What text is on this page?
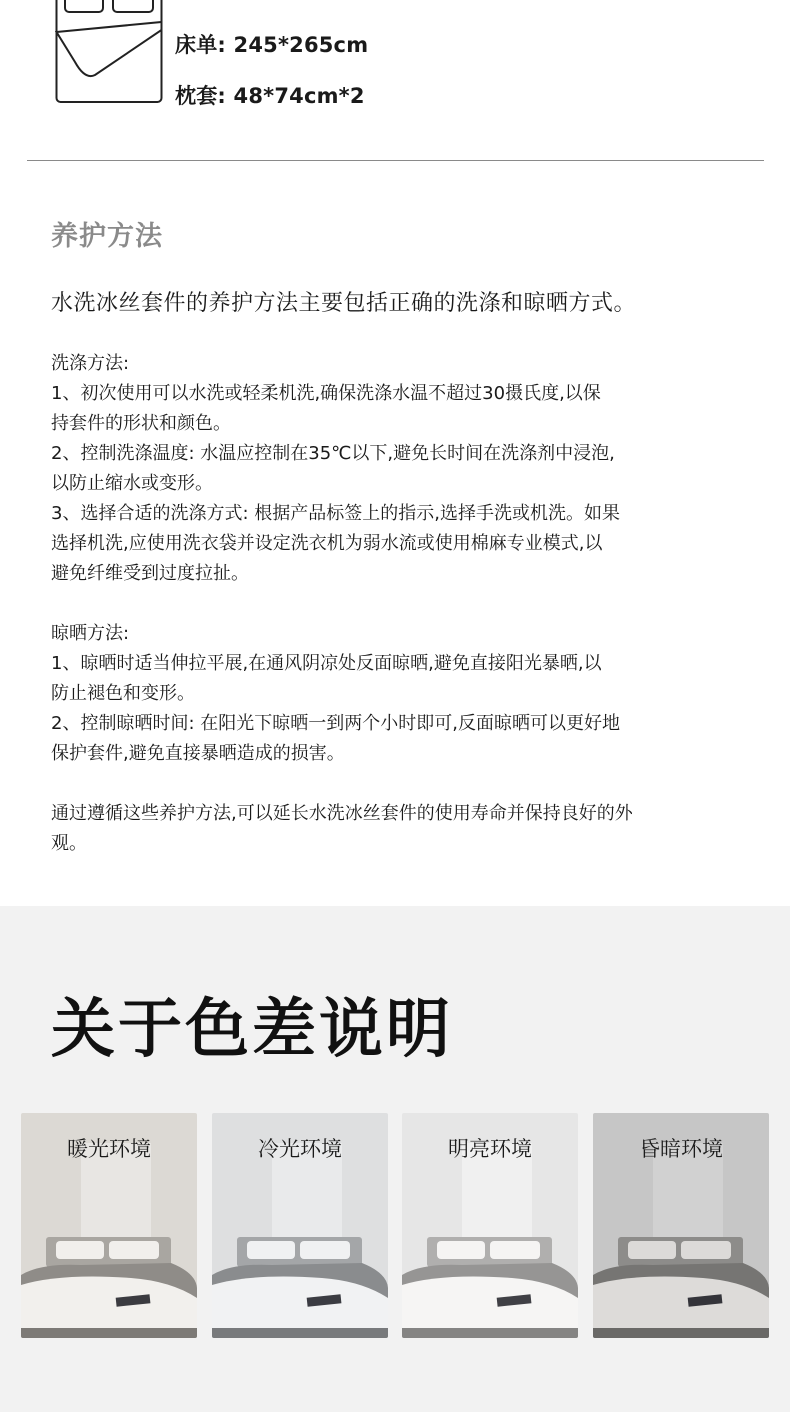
床单: 245*265cm
枕套: 48*74cm*2
养护方法
水洗冰丝套件的养护方法主要包括正确的洗涤和晾晒方式。
洗涤方法:
1、初次使用可以水洗或轻柔机洗,确保洗涤水温不超过30摄氏度,以保
持套件的形状和颜色。
2、控制洗涤温度: 水温应控制在35℃以下,避免长时间在洗涤剂中浸泡,
以防止缩水或变形。
3、选择合适的洗涤方式: 根据产品标签上的指示,选择手洗或机洗。如果
选择机洗,应使用洗衣袋并设定洗衣机为弱水流或使用棉麻专业模式,以
避免纤维受到过度拉扯。
晾晒方法:
1、晾晒时适当伸拉平展,在通风阴凉处反面晾晒,避免直接阳光暴晒,以
防止褪色和变形。
2、控制晾晒时间: 在阳光下晾晒一到两个小时即可,反面晾晒可以更好地
保护套件,避免直接暴晒造成的损害。
通过遵循这些养护方法,可以延长水洗冰丝套件的使用寿命并保持良好的外
观。
关于色差说明
暖光环境	冷光环境	明亮环境	昏暗环境
